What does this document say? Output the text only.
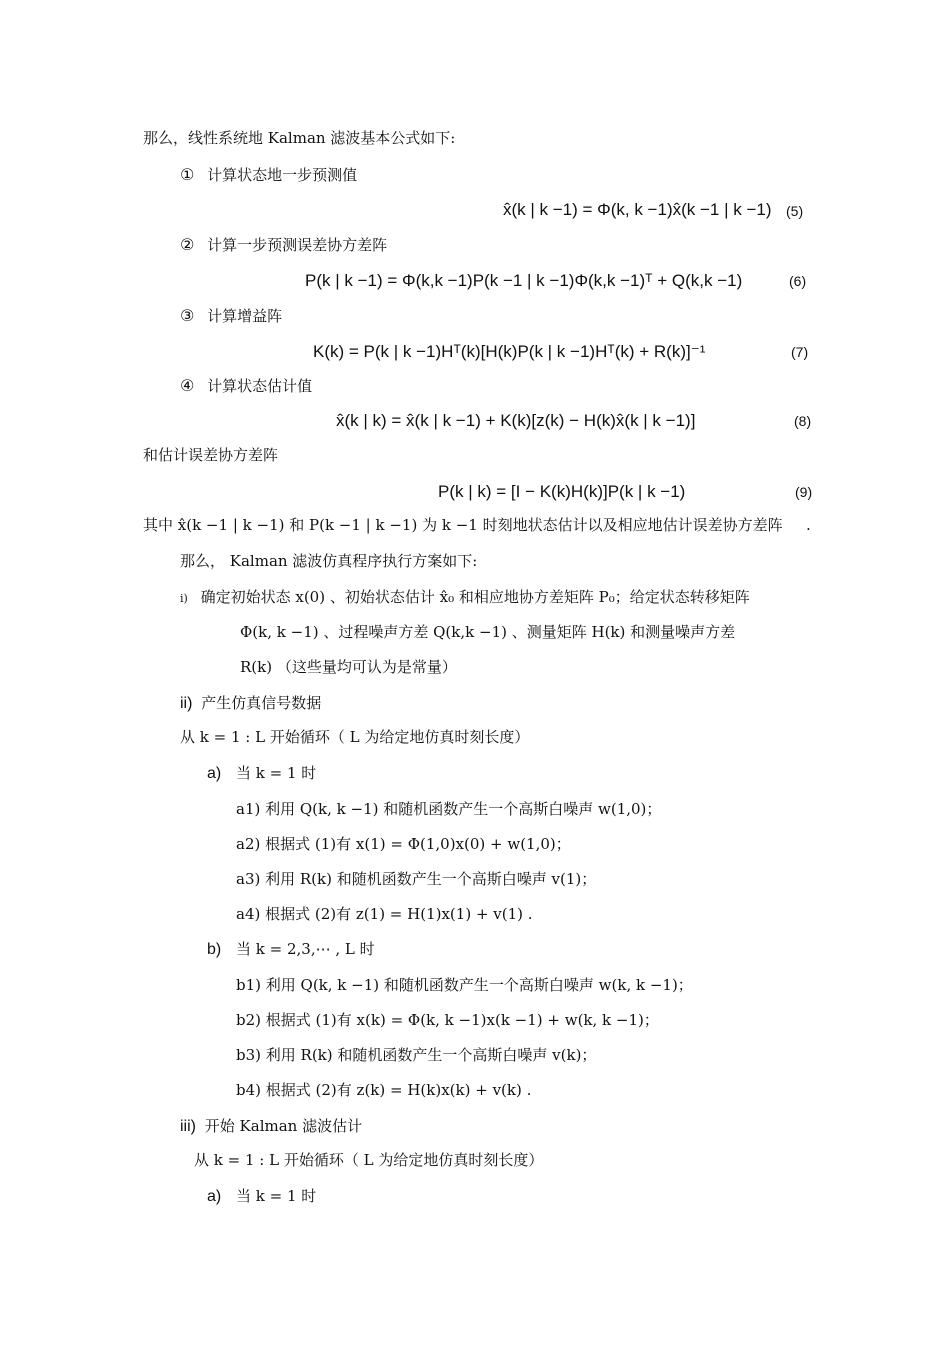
那么，线性系统地 Kalman 滤波基本公式如下:
① 计算状态地一步预测值
x̂(k | k −1) = Φ(k, k −1)x̂(k −1 | k −1) (5)
② 计算一步预测误差协方差阵
P(k | k −1) = Φ(k,k −1)P(k −1 | k −1)Φ(k,k −1)ᵀ + Q(k,k −1)	(6)
③ 计算增益阵
K(k) = P(k | k −1)Hᵀ(k)[H(k)P(k | k −1)Hᵀ(k) + R(k)]⁻¹	(7)
④ 计算状态估计值
x̂(k | k) = x̂(k | k −1) + K(k)[z(k) − H(k)x̂(k | k −1)]	(8)
和估计误差协方差阵
P(k | k) = [I − K(k)H(k)]P(k | k −1)	(9)
其中 x̂(k −1 | k −1) 和 P(k −1 | k −1) 为 k −1 时刻地状态估计以及相应地估计误差协方差阵 .
那么， Kalman 滤波仿真程序执行方案如下:
i) 确定初始状态 x(0) 、初始状态估计 x̂₀ 和相应地协方差矩阵 P₀；给定状态转移矩阵
Φ(k, k −1) 、过程噪声方差 Q(k,k −1) 、测量矩阵 H(k) 和测量噪声方差
R(k) （这些量均可认为是常量）
ii) 产生仿真信号数据
从 k = 1 : L 开始循环（ L 为给定地仿真时刻长度）
a) 当 k = 1 时
a1) 利用 Q(k, k −1) 和随机函数产生一个高斯白噪声 w(1,0)；
a2) 根据式 (1)有 x(1) = Φ(1,0)x(0) + w(1,0)；
a3) 利用 R(k) 和随机函数产生一个高斯白噪声 v(1)；
a4) 根据式 (2)有 z(1) = H(1)x(1) + v(1) .
b) 当 k = 2,3,⋯ , L 时
b1) 利用 Q(k, k −1) 和随机函数产生一个高斯白噪声 w(k, k −1)；
b2) 根据式 (1)有 x(k) = Φ(k, k −1)x(k −1) + w(k, k −1)；
b3) 利用 R(k) 和随机函数产生一个高斯白噪声 v(k)；
b4) 根据式 (2)有 z(k) = H(k)x(k) + v(k) .
iii) 开始 Kalman 滤波估计
从 k = 1 : L 开始循环（ L 为给定地仿真时刻长度）
a) 当 k = 1 时
